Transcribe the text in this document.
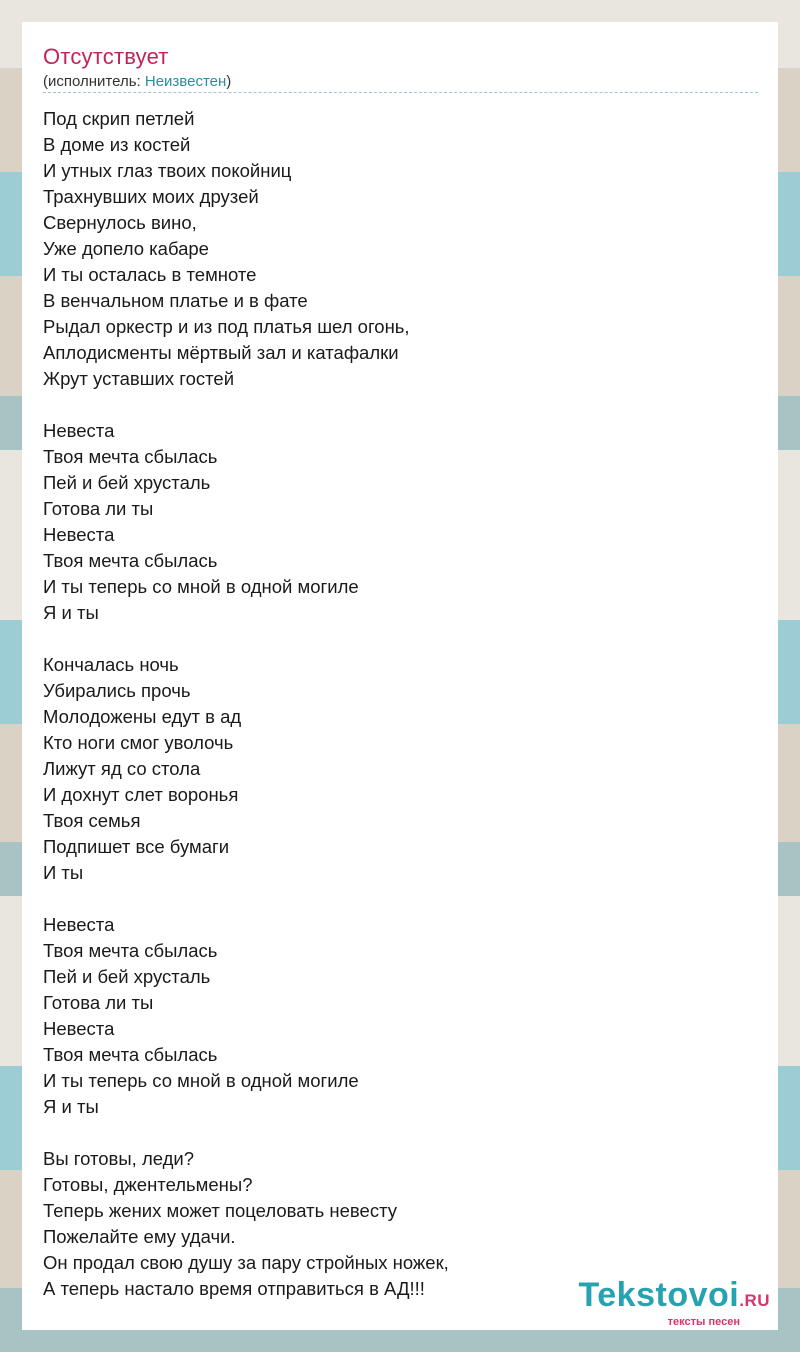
Отсутствует
(исполнитель: Неизвестен)
Под скрип петлей
В доме из костей
И утных глаз твоих покойниц
Трахнувших моих друзей
Свернулось вино,
Уже допело кабаре
И ты осталась в темноте
В венчальном платье и в фате
Рыдал оркестр и из под платья шел огонь,
Аплодисменты мёртвый зал и катафалки
Жрут уставших гостей
Невеста
Твоя мечта сбылась
Пей и бей хрусталь
Готова ли ты
Невеста
Твоя мечта сбылась
И ты теперь со мной в одной могиле
Я и ты
Кончалась ночь
Убирались прочь
Молодожены едут в ад
Кто ноги смог уволочь
Лижут яд со стола
И дохнут слет воронья
Твоя семья
Подпишет все бумаги
И ты
Невеста
Твоя мечта сбылась
Пей и бей хрусталь
Готова ли ты
Невеста
Твоя мечта сбылась
И ты теперь со мной в одной могиле
Я и ты
Вы готовы, леди?
Готовы, джентельмены?
Теперь жених может поцеловать невесту
Пожелайте ему удачи.
Он продал свою душу за пару стройных ножек,
А теперь настало время отправиться в АД!!!	Tekstovoi.RU
тексты песен
